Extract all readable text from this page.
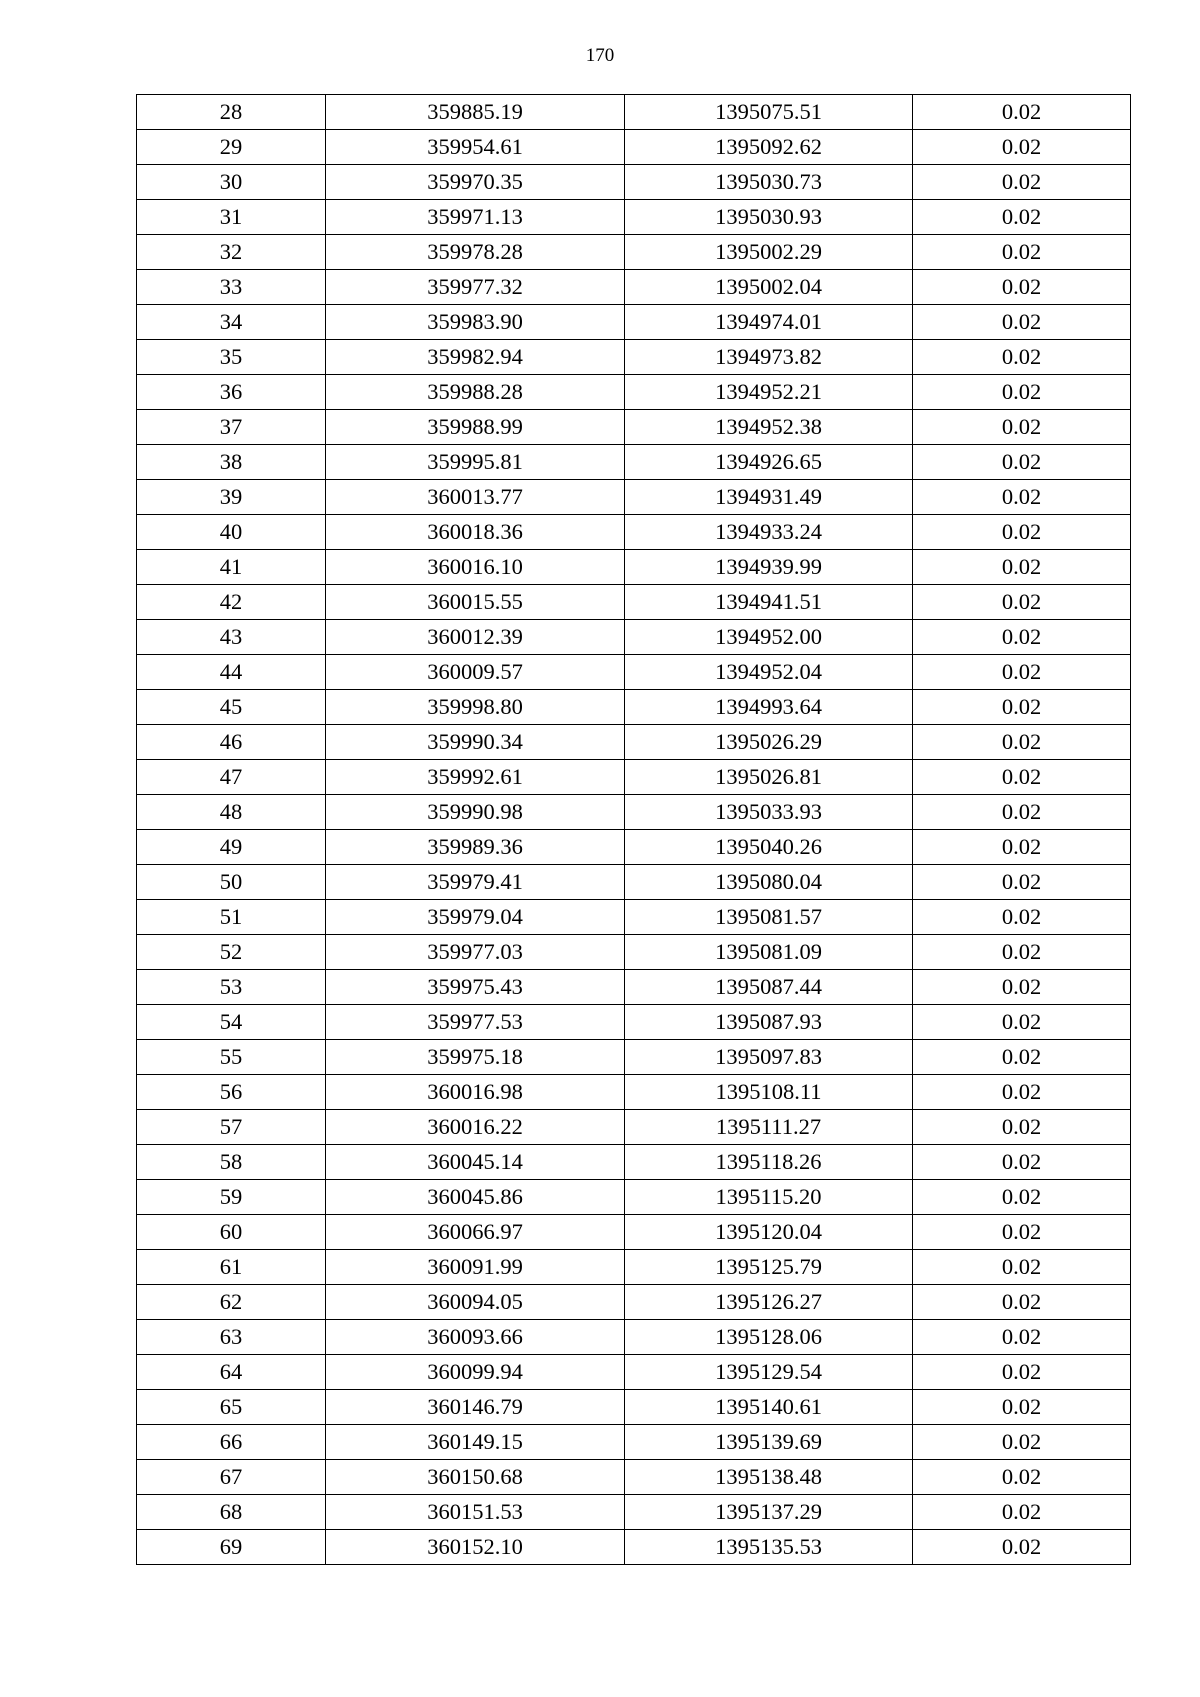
170
28	359885.19	1395075.51	0.02
29	359954.61	1395092.62	0.02
30	359970.35	1395030.73	0.02
31	359971.13	1395030.93	0.02
32	359978.28	1395002.29	0.02
33	359977.32	1395002.04	0.02
34	359983.90	1394974.01	0.02
35	359982.94	1394973.82	0.02
36	359988.28	1394952.21	0.02
37	359988.99	1394952.38	0.02
38	359995.81	1394926.65	0.02
39	360013.77	1394931.49	0.02
40	360018.36	1394933.24	0.02
41	360016.10	1394939.99	0.02
42	360015.55	1394941.51	0.02
43	360012.39	1394952.00	0.02
44	360009.57	1394952.04	0.02
45	359998.80	1394993.64	0.02
46	359990.34	1395026.29	0.02
47	359992.61	1395026.81	0.02
48	359990.98	1395033.93	0.02
49	359989.36	1395040.26	0.02
50	359979.41	1395080.04	0.02
51	359979.04	1395081.57	0.02
52	359977.03	1395081.09	0.02
53	359975.43	1395087.44	0.02
54	359977.53	1395087.93	0.02
55	359975.18	1395097.83	0.02
56	360016.98	1395108.11	0.02
57	360016.22	1395111.27	0.02
58	360045.14	1395118.26	0.02
59	360045.86	1395115.20	0.02
60	360066.97	1395120.04	0.02
61	360091.99	1395125.79	0.02
62	360094.05	1395126.27	0.02
63	360093.66	1395128.06	0.02
64	360099.94	1395129.54	0.02
65	360146.79	1395140.61	0.02
66	360149.15	1395139.69	0.02
67	360150.68	1395138.48	0.02
68	360151.53	1395137.29	0.02
69	360152.10	1395135.53	0.02
